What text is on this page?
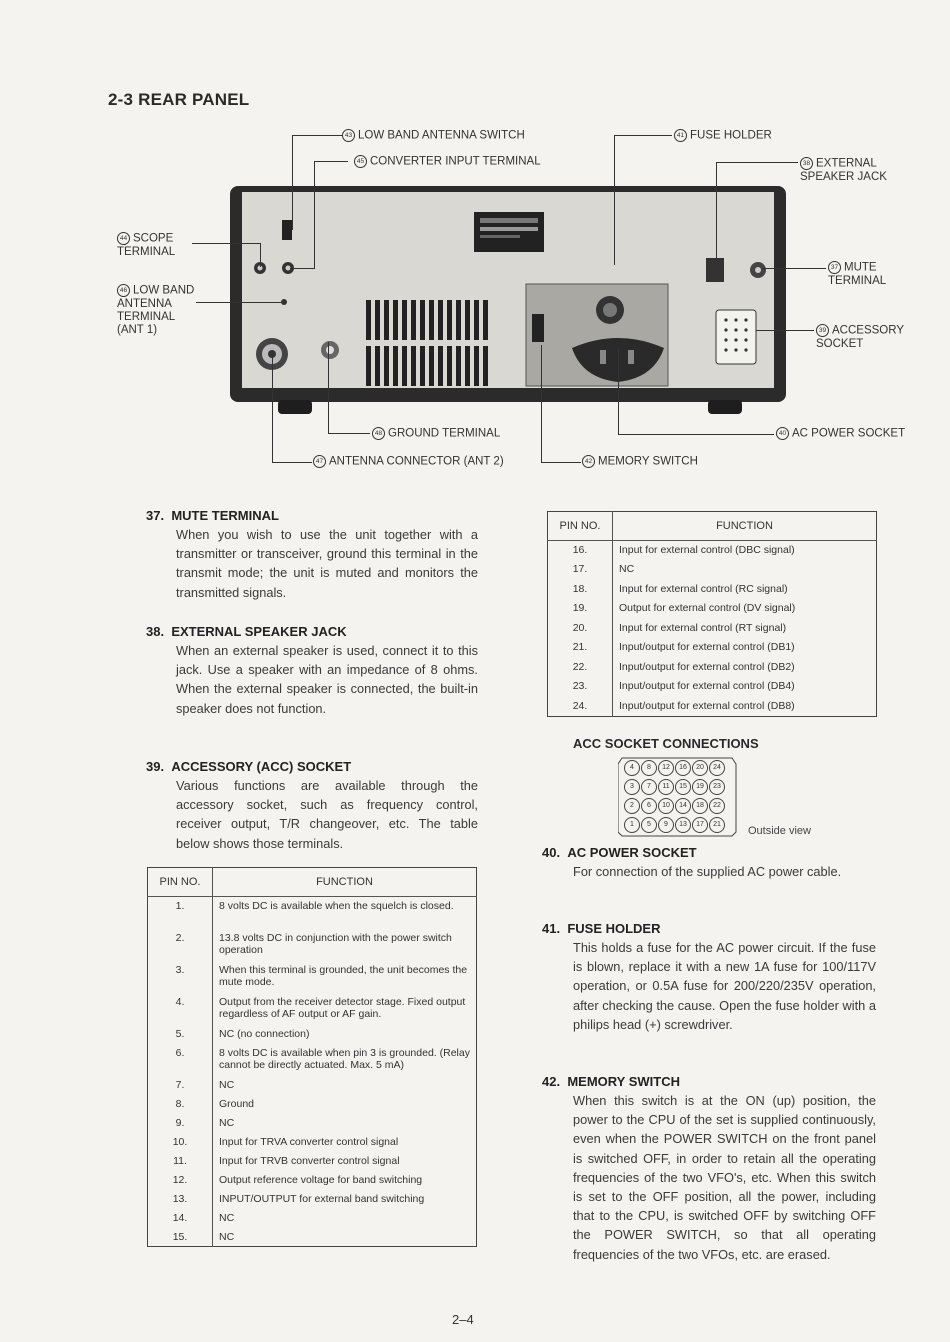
2-3 REAR PANEL
43 LOW BAND ANTENNA SWITCH
45 CONVERTER INPUT TERMINAL
44 SCOPE TERMINAL
46 LOW BAND ANTENNA TERMINAL (ANT 1)
48 GROUND TERMINAL
47 ANTENNA CONNECTOR (ANT 2)
41 FUSE HOLDER
38 EXTERNAL SPEAKER JACK
37 MUTE TERMINAL
39 ACCESSORY SOCKET
40 AC POWER SOCKET
42 MEMORY SWITCH
37. MUTE TERMINAL
When you wish to use the unit together with a transmitter or transceiver, ground this terminal in the transmit mode; the unit is muted and monitors the transmitted signals.
38. EXTERNAL SPEAKER JACK
When an external speaker is used, connect it to this jack. Use a speaker with an impedance of 8 ohms. When the external speaker is connected, the built-in speaker does not function.
39. ACCESSORY (ACC) SOCKET
Various functions are available through the accessory socket, such as frequency control, receiver output, T/R changeover, etc. The table below shows those terminals.
PIN NO.	FUNCTION
1.	8 volts DC is available when the squelch is closed.
2.	13.8 volts DC in conjunction with the power switch operation
3.	When this terminal is grounded, the unit becomes the mute mode.
4.	Output from the receiver detector stage. Fixed output regardless of AF output or AF gain.
5.	NC (no connection)
6.	8 volts DC is available when pin 3 is grounded. (Relay cannot be directly actuated. Max. 5 mA)
7.	NC
8.	Ground
9.	NC
10.	Input for TRVA converter control signal
11.	Input for TRVB converter control signal
12.	Output reference voltage for band switching
13.	INPUT/OUTPUT for external band switching
14.	NC
15.	NC
PIN NO.	FUNCTION
16.	Input for external control (DBC signal)
17.	NC
18.	Input for external control (RC signal)
19.	Output for external control (DV signal)
20.	Input for external control (RT signal)
21.	Input/output for external control (DB1)
22.	Input/output for external control (DB2)
23.	Input/output for external control (DB4)
24.	Input/output for external control (DB8)
ACC SOCKET CONNECTIONS
4	8	12	16	20	24
3	7	11	15	19	23
2	6	10	14	18	22
1	5	9	13	17	21
Outside view
40. AC POWER SOCKET
For connection of the supplied AC power cable.
41. FUSE HOLDER
This holds a fuse for the AC power circuit. If the fuse is blown, replace it with a new 1A fuse for 100/117V operation, or 0.5A fuse for 200/220/235V operation, after checking the cause. Open the fuse holder with a philips head (+) screwdriver.
42. MEMORY SWITCH
When this switch is at the ON (up) position, the power to the CPU of the set is supplied continuously, even when the POWER SWITCH on the front panel is switched OFF, in order to retain all the operating frequencies of the two VFO's, etc. When this switch is set to the OFF position, all the power, including that to the CPU, is switched OFF by switching OFF the POWER SWITCH, so that all operating frequencies of the two VFOs, etc. are erased.
2–4
